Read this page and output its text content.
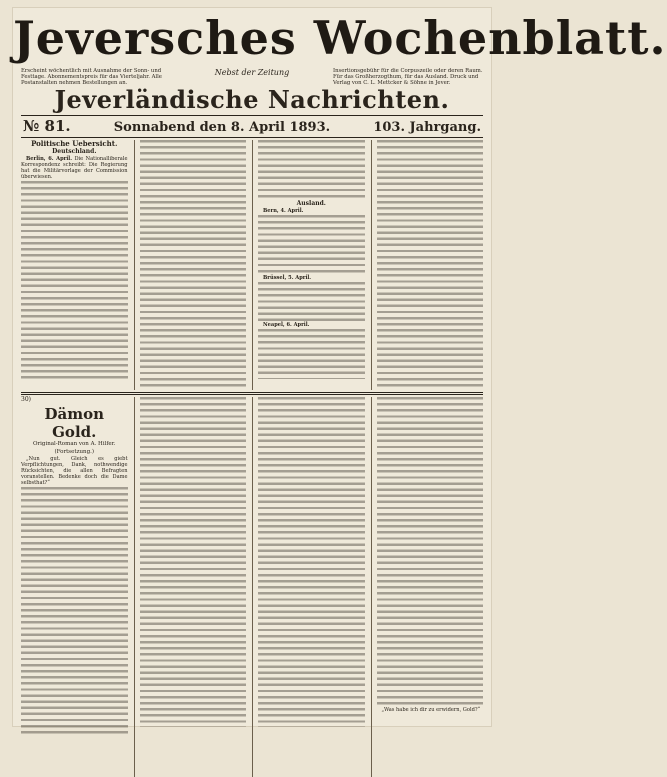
Jeversches Wochenblatt.
Erscheint wöchentlich mit Ausnahme der Sonn- und Festtage. Abonnementspreis für das Vierteljahr. Alle Postanstalten nehmen Bestellungen an.
Nebst der Zeitung	Insertionsgebühr für die Corpuszeile oder deren Raum. Für das Großherzogthum, für das Ausland. Druck und Verlag von C. L. Mettcker & Söhne in Jever.
Jeverländische Nachrichten.
№ 81.	Sonnabend den 8. April 1893.	103. Jahrgang.
Politische Uebersicht.
Deutschland.

Berlin, 6. April. Die Nationalliberale Korrespondenz schreibt: Die Regierung hat die Militärvorlage der Commission überwiesen.

Ausland.

Bern, 4. April.

Brüssel, 5. April.

Neapel, 6. April.

30)
Dämon Gold.
Original-Roman von A. Hilfer.
(Fortsetzung.)

„Nun gut. Gleich es giebt Verpflichtungen, Dank, nothwendige Rücksichten, die allen Befragten voranstellen. Bedenke doch die Dame selbsthat?“

„Was habe ich dir zu erwidern, Gold?“
